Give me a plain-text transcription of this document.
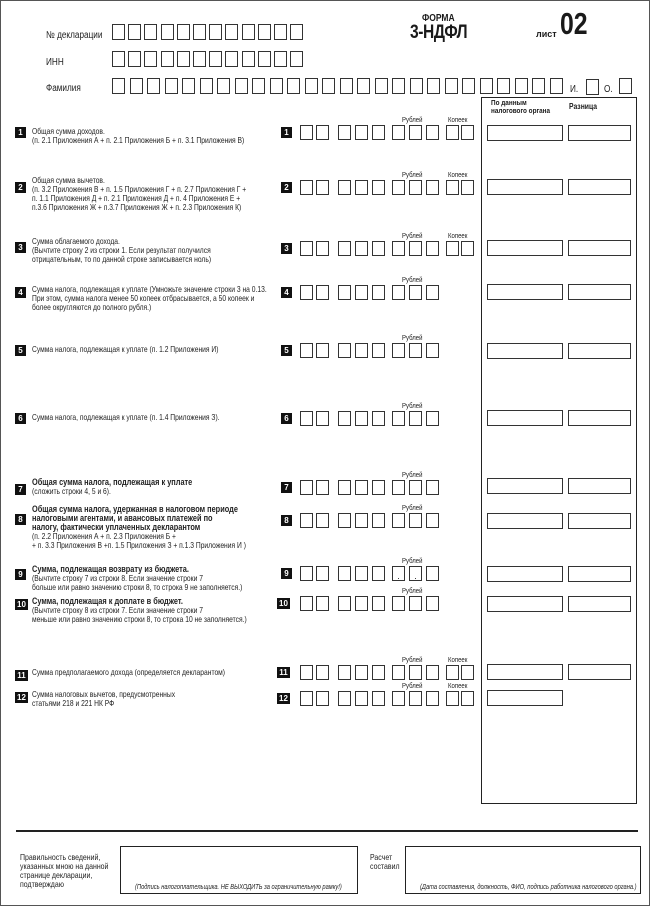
ФОРМА
3-НДФЛ	лист 02
№ декларации
ИНН
Фамилия	И.	О.
По данным
налогового органа Разница
1	Общая сумма доходов.
(п. 2.1 Приложения А + п. 2.1 Приложения Б + п. 3.1 Приложения В)
1
Рублей	Копеек
2
Общая сумма вычетов.
(п. 3.2 Приложения В + п. 1.5 Приложения Г + п. 2.7 Приложения Г +
п. 1.1 Приложения Д + п. 2.1 Приложения Д + п. 4 Приложения Е +
п.3.6 Приложения Ж + п.3.7 Приложения Ж + п. 2.3 Приложения К)
2
Рублей	Копеек
3
Сумма облагаемого дохода.
(Вычтите строку 2 из строки 1. Если результат получился
отрицательным, то по данной строке записывается ноль)
3
Рублей	Копеек
4	Сумма налога, подлежащая к уплате (Умножьте значение строки 3 на 0.13.
При этом, сумма налога менее 50 копеек отбрасывается, а 50 копеек и
более округляются до полного рубля.)
4
Рублей
5	Сумма налога, подлежащая к уплате (п. 1.2 Приложения И)	5
Рублей
6	Сумма налога, подлежащая к уплате (п. 1.4 Приложения З).	6
Рублей
7
Общая сумма налога, подлежащая к уплате

(сложить строки 4, 5 и 6).	7
Рублей
8
Общая сумма налога, удержанная в налоговом периоде
налоговыми агентами, и авансовых платежей по
налогу, фактически уплаченных декларантом

(п. 2.2 Приложения А + п. 2.3 Приложения Б +
+ п. 3.3 Приложения В +п. 1.5 Приложения З + п.1.3 Приложения И )
8
Рублей
9
Сумма, подлежащая возврату из бюджета.

(Вычтите строку 7 из строки 8. Если значение строки 7
больше или равно значению строки 8, то строка 9 не заполняется.)
9	.	.
Рублей
10 Сумма, подлежащая к доплате в бюджет.

(Вычтите строку 8 из строки 7. Если значение строки 7
меньше или равно значению строки 8, то строка 10 не заполняется.)
10
Рублей
11 Сумма предполагаемого дохода (определяется декларантом)	11
Рублей	Копеек
12 Сумма налоговых вычетов, предусмотренных
статьями 218 и 221 НК РФ
12
Рублей	Копеек
Правильность сведений,
указанных мною на данной
странице декларации,
подтверждаю	(Подпись налогоплательщика. НЕ ВЫХОДИТЬ за ограничительную рамку!)
Расчет
составил
(Дата составления, должность, ФИО, подпись работника налогового органа.)
